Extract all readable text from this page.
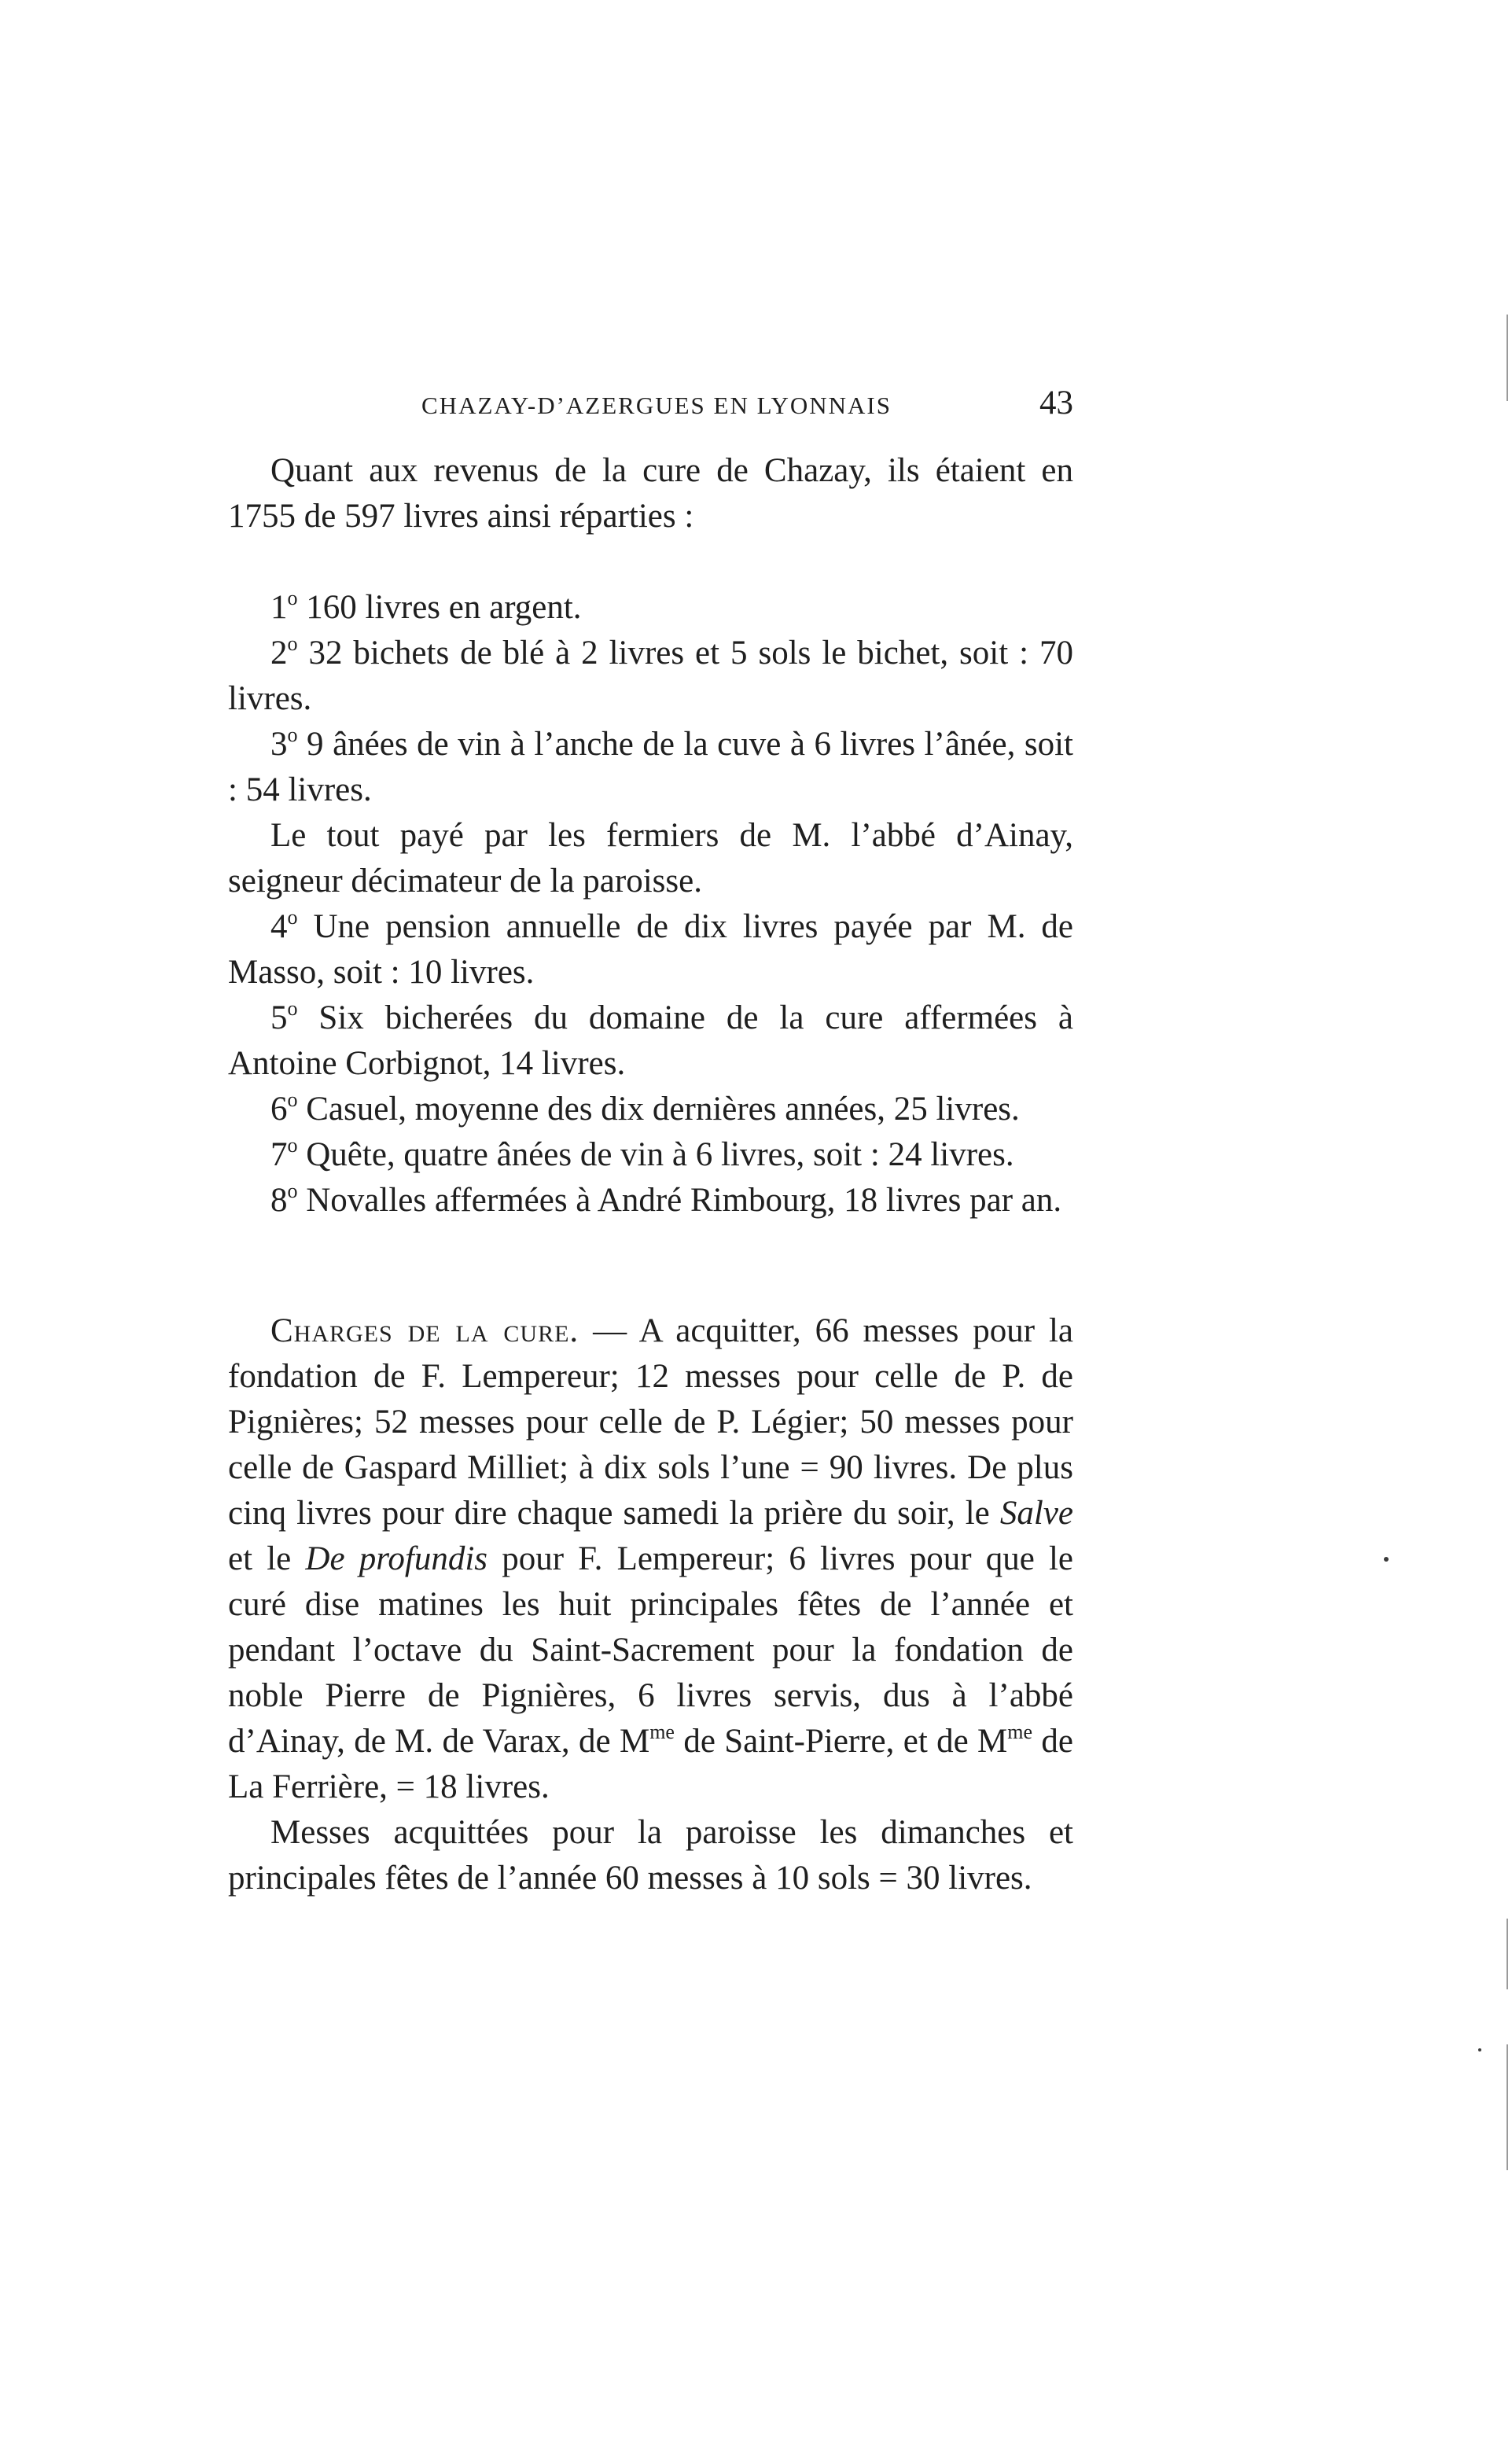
CHAZAY-D’AZERGUES EN LYONNAIS	43

Quant aux revenus de la cure de Chazay, ils étaient en 1755 de 597 livres ainsi réparties :

1$^o$ 160 livres en argent.

2$^o$ 32 bichets de blé à 2 livres et 5 sols le bichet, soit : 70 livres.

3$^o$ 9 ânées de vin à l’anche de la cuve à 6 livres l’ânée, soit : 54 livres.

Le tout payé par les fermiers de M. l’abbé d’Ainay, seigneur décimateur de la paroisse.

4$^o$ Une pension annuelle de dix livres payée par M. de Masso, soit : 10 livres.

5$^o$ Six bicherées du domaine de la cure affermées à Antoine Corbignot, 14 livres.

6$^o$ Casuel, moyenne des dix dernières années, 25 livres.

7$^o$ Quête, quatre ânées de vin à 6 livres, soit : 24 livres.

8$^o$ Novalles affermées à André Rimbourg, 18 livres par an.

Charges de la cure. — A acquitter, 66 messes pour la fondation de F. Lempereur; 12 messes pour celle de P. de Pignières; 52 messes pour celle de P. Légier; 50 messes pour celle de Gaspard Milliet; à dix sols l’une = 90 livres. De plus cinq livres pour dire chaque samedi la prière du soir, le Salve et le De profundis pour F. Lempereur; 6 livres pour que le curé dise matines les huit principales fêtes de l’année et pendant l’octave du Saint-Sacrement pour la fondation de noble Pierre de Pignières, 6 livres servis, dus à l’abbé d’Ainay, de M. de Varax, de $M^{me}$ de Saint-Pierre, et de $M^{me}$ de La Ferrière, = 18 livres.

Messes acquittées pour la paroisse les dimanches et principales fêtes de l’année 60 messes à 10 sols = 30 livres.
